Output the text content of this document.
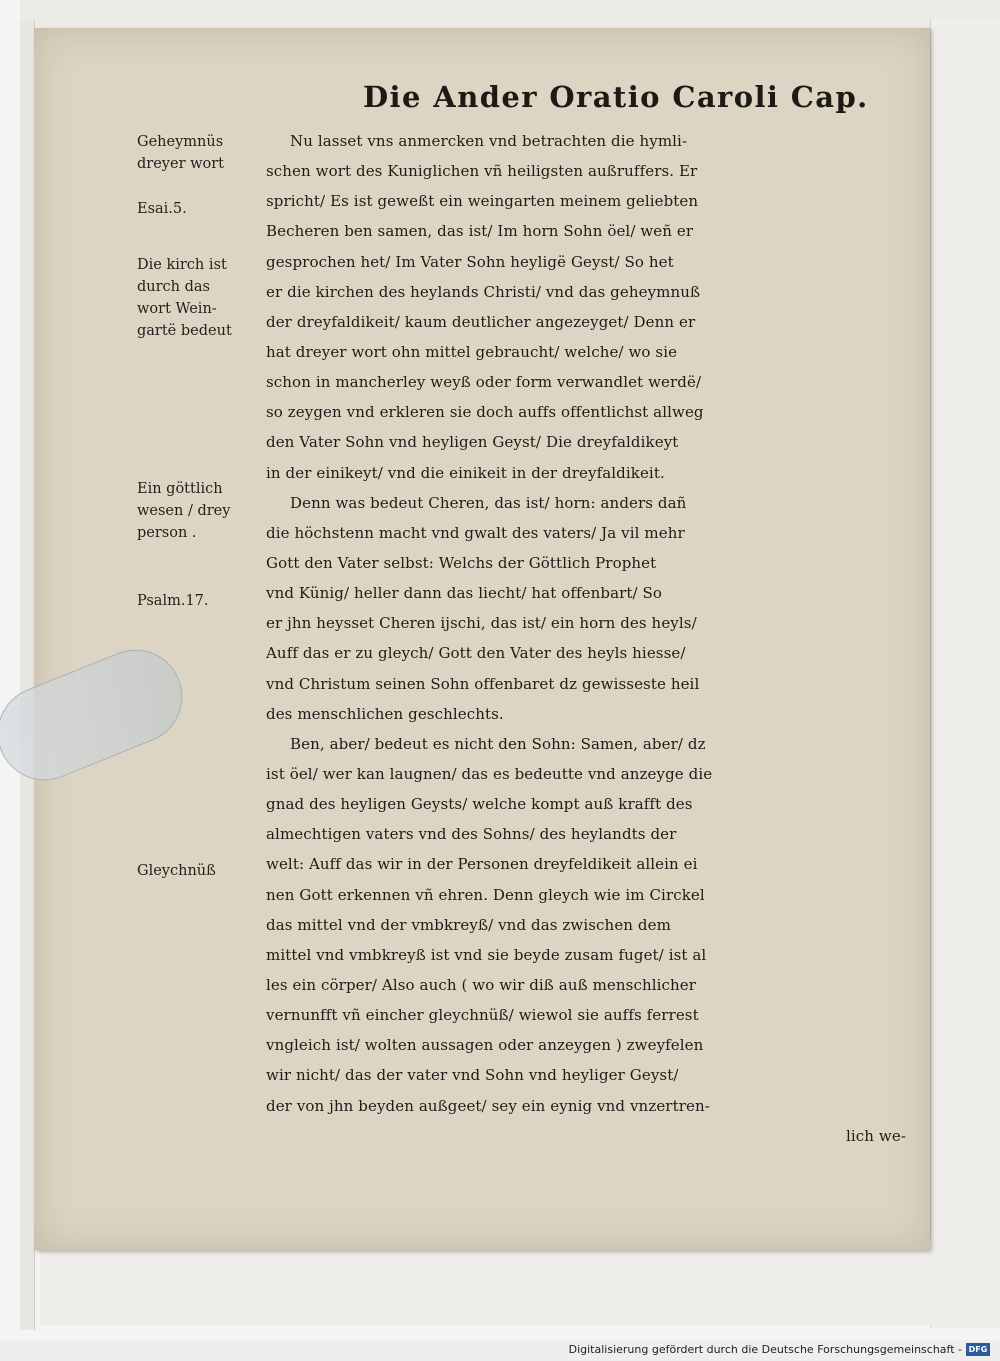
Die Ander Oratio Caroli Cap.
Nu lasset vns anmercken vnd betrachten die hymli-
schen wort des Kuniglichen vñ heiligsten außruffers. Er
spricht/ Es ist geweßt ein weingarten meinem geliebten
Becheren ben samen, das ist/ Im horn Sohn öel/ weñ er
gesprochen het/ Im Vater Sohn heyligë Geyst/ So het
er die kirchen des heylands Christi/ vnd das geheymnuß
der dreyfaldikeit/ kaum deutlicher angezeyget/ Denn er
hat dreyer wort ohn mittel gebraucht/ welche/ wo sie
schon in mancherley weyß oder form verwandlet werdë/
so zeygen vnd erkleren sie doch auffs offentlichst allweg
den Vater Sohn vnd heyligen Geyst/ Die dreyfaldikeyt
in der einikeyt/ vnd die einikeit in der dreyfaldikeit.
Denn was bedeut Cheren, das ist/ horn: anders dañ
die höchstenn macht vnd gwalt des vaters/ Ja vil mehr
Gott den Vater selbst: Welchs der Göttlich Prophet
vnd Künig/ heller dann das liecht/ hat offenbart/ So
er jhn heysset Cheren ijschi, das ist/ ein horn des heyls/
Auff das er zu gleych/ Gott den Vater des heyls hiesse/
vnd Christum seinen Sohn offenbaret dz gewisseste heil
des menschlichen geschlechts.
Ben, aber/ bedeut es nicht den Sohn: Samen, aber/ dz
ist öel/ wer kan laugnen/ das es bedeutte vnd anzeyge die
gnad des heyligen Geysts/ welche kompt auß krafft des
almechtigen vaters vnd des Sohns/ des heylandts der
welt: Auff das wir in der Personen dreyfeldikeit allein ei
nen Gott erkennen vñ ehren. Denn gleych wie im Circkel
das mittel vnd der vmbkreyß/ vnd das zwischen dem
mittel vnd vmbkreyß ist vnd sie beyde zusam fuget/ ist al
les ein cörper/ Also auch ( wo wir diß auß menschlicher
vernunfft vñ eincher gleychnüß/ wiewol sie auffs ferrest
vngleich ist/ wolten aussagen oder anzeygen ) zweyfelen
wir nicht/ das der vater vnd Sohn vnd heyliger Geyst/
der von jhn beyden außgeet/ sey ein eynig vnd vnzertren-
lich we-
Geheymnüs
dreyer wort
Esai.5.
Die kirch ist
durch das
wort Wein-
gartë bedeut
Ein göttlich
wesen / drey
person .
Psalm.17.
Gleychnüß
Digitalisierung gefördert durch die Deutsche Forschungsgemeinschaft - DFG
